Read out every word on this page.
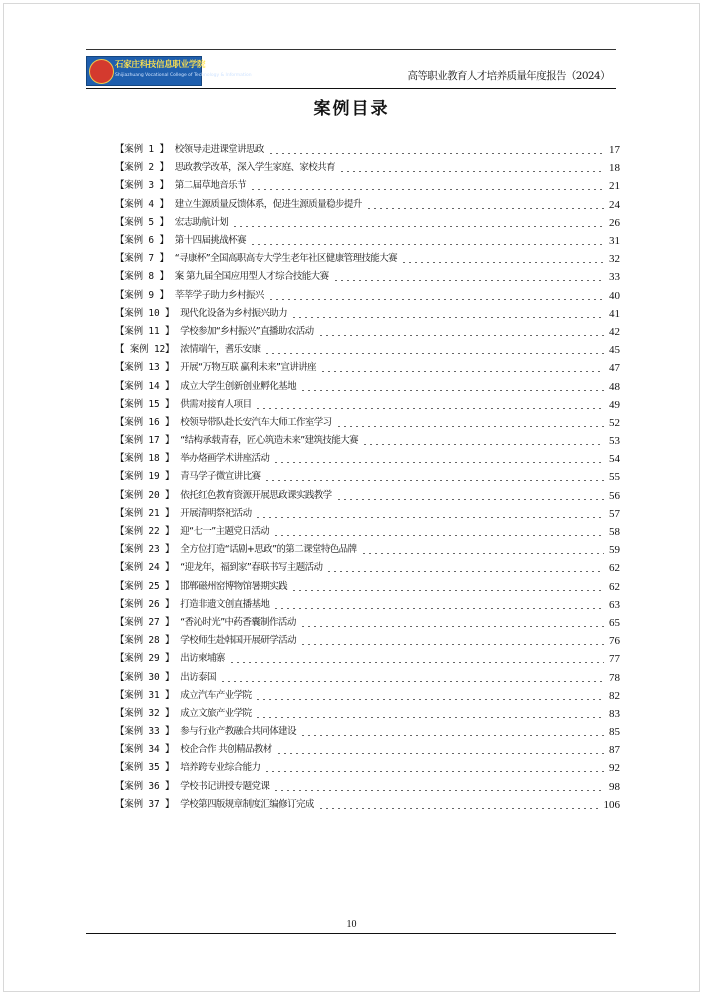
石家庄科技信息职业学院
Shijiazhuang Vocational College of Technology & Information	高等职业教育人才培养质量年度报告（2024）
案例目录
【案例 1 】 校领导走进课堂讲思政	17
【案例 2 】 思政教学改革，深入学生家庭、家校共育	18
【案例 3 】 第二届草地音乐节	21
【案例 4 】 建立生源质量反馈体系，促进生源质量稳步提升	24
【案例 5 】 宏志助航计划	26
【案例 6 】 第十四届挑战杯赛	31
【案例 7 】 “寻康杯”全国高职高专大学生老年社区健康管理技能大赛	32
【案例 8 】 案 第九届全国应用型人才综合技能大赛	33
【案例 9 】 莘莘学子助力乡村振兴	40
【案例 10 】 现代化设备为乡村振兴助力	41
【案例 11 】 学校参加“乡村振兴”直播助农活动	42
【 案例 12】 浓情端午，耆乐安康	45
【案例 13 】 开展“万物互联 赢利未来”宣讲讲座	47
【案例 14 】 成立大学生创新创业孵化基地	48
【案例 15 】 供需对接育人项目	49
【案例 16 】 校领导带队赴长安汽车大师工作室学习	52
【案例 17 】 “结构承载青春，匠心筑造未来”建筑技能大赛	53
【案例 18 】 举办烙画学术讲座活动	54
【案例 19 】 青马学子微宣讲比赛	55
【案例 20 】 依托红色教育资源开展思政课实践教学	56
【案例 21 】 开展清明祭祀活动	57
【案例 22 】 迎“七一”主题党日活动	58
【案例 23 】 全方位打造“话剧+思政”的第二课堂特色品牌	59
【案例 24 】 “迎龙年，福到家”春联书写主题活动	62
【案例 25 】 邯郸磁州窑博物馆暑期实践	62
【案例 26 】 打造非遗文创直播基地	63
【案例 27 】 “香沁时光”中药香囊制作活动	65
【案例 28 】 学校师生赴韩国开展研学活动	76
【案例 29 】 出访柬埔寨	77
【案例 30 】 出访泰国	78
【案例 31 】 成立汽车产业学院	82
【案例 32 】 成立文旅产业学院	83
【案例 33 】 参与行业产教融合共同体建设	85
【案例 34 】 校企合作 共创精品教材	87
【案例 35 】 培养跨专业综合能力	92
【案例 36 】 学校书记讲授专题党课	98
【案例 37 】 学校第四版规章制度汇编修订完成	106
10
